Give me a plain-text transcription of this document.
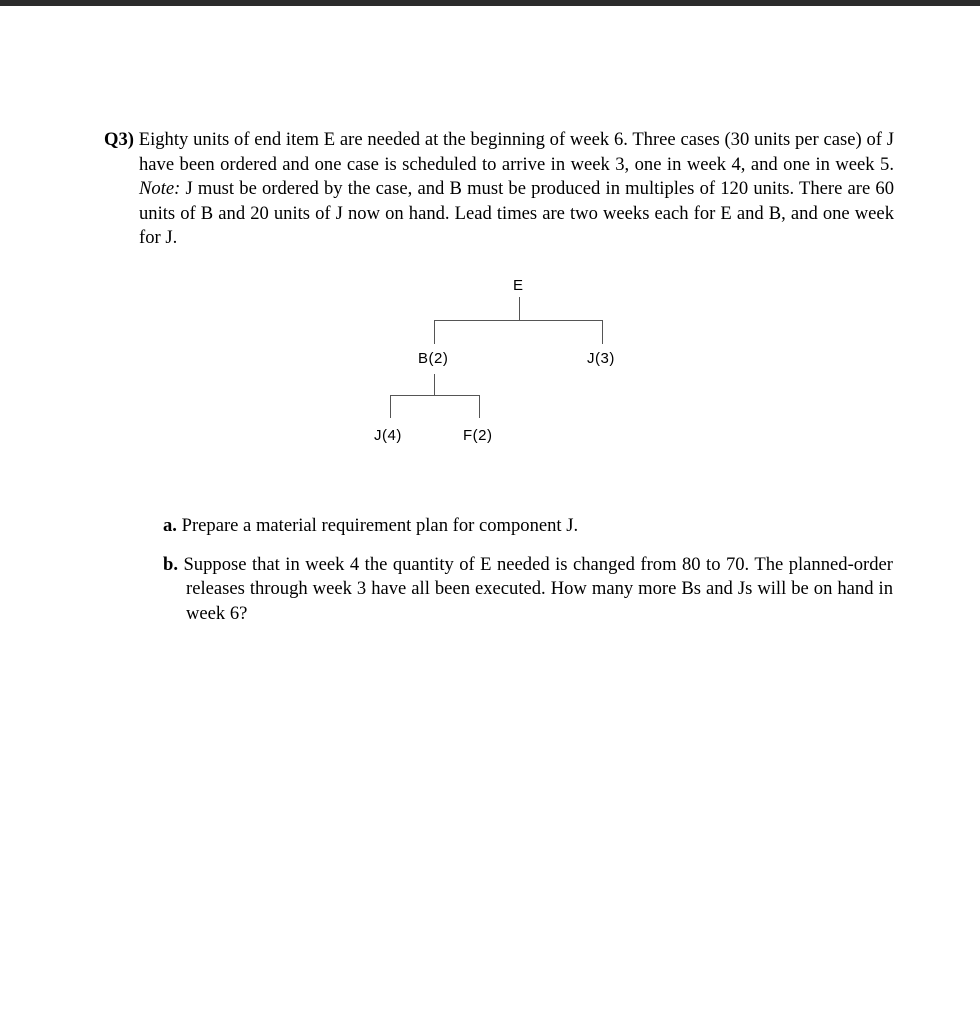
Q3) Eighty units of end item E are needed at the beginning of week 6. Three cases (30 units per case) of J have been ordered and one case is scheduled to arrive in week 3, one in week 4, and one in week 5. Note: J must be ordered by the case, and B must be produced in multiples of 120 units. There are 60 units of B and 20 units of J now on hand. Lead times are two weeks each for E and B, and one week for J.

E
B(2)	J(3)
J(4)	F(2)

a. Prepare a material requirement plan for component J.

b. Suppose that in week 4 the quantity of E needed is changed from 80 to 70. The planned-order releases through week 3 have all been executed. How many more Bs and Js will be on hand in week 6?
